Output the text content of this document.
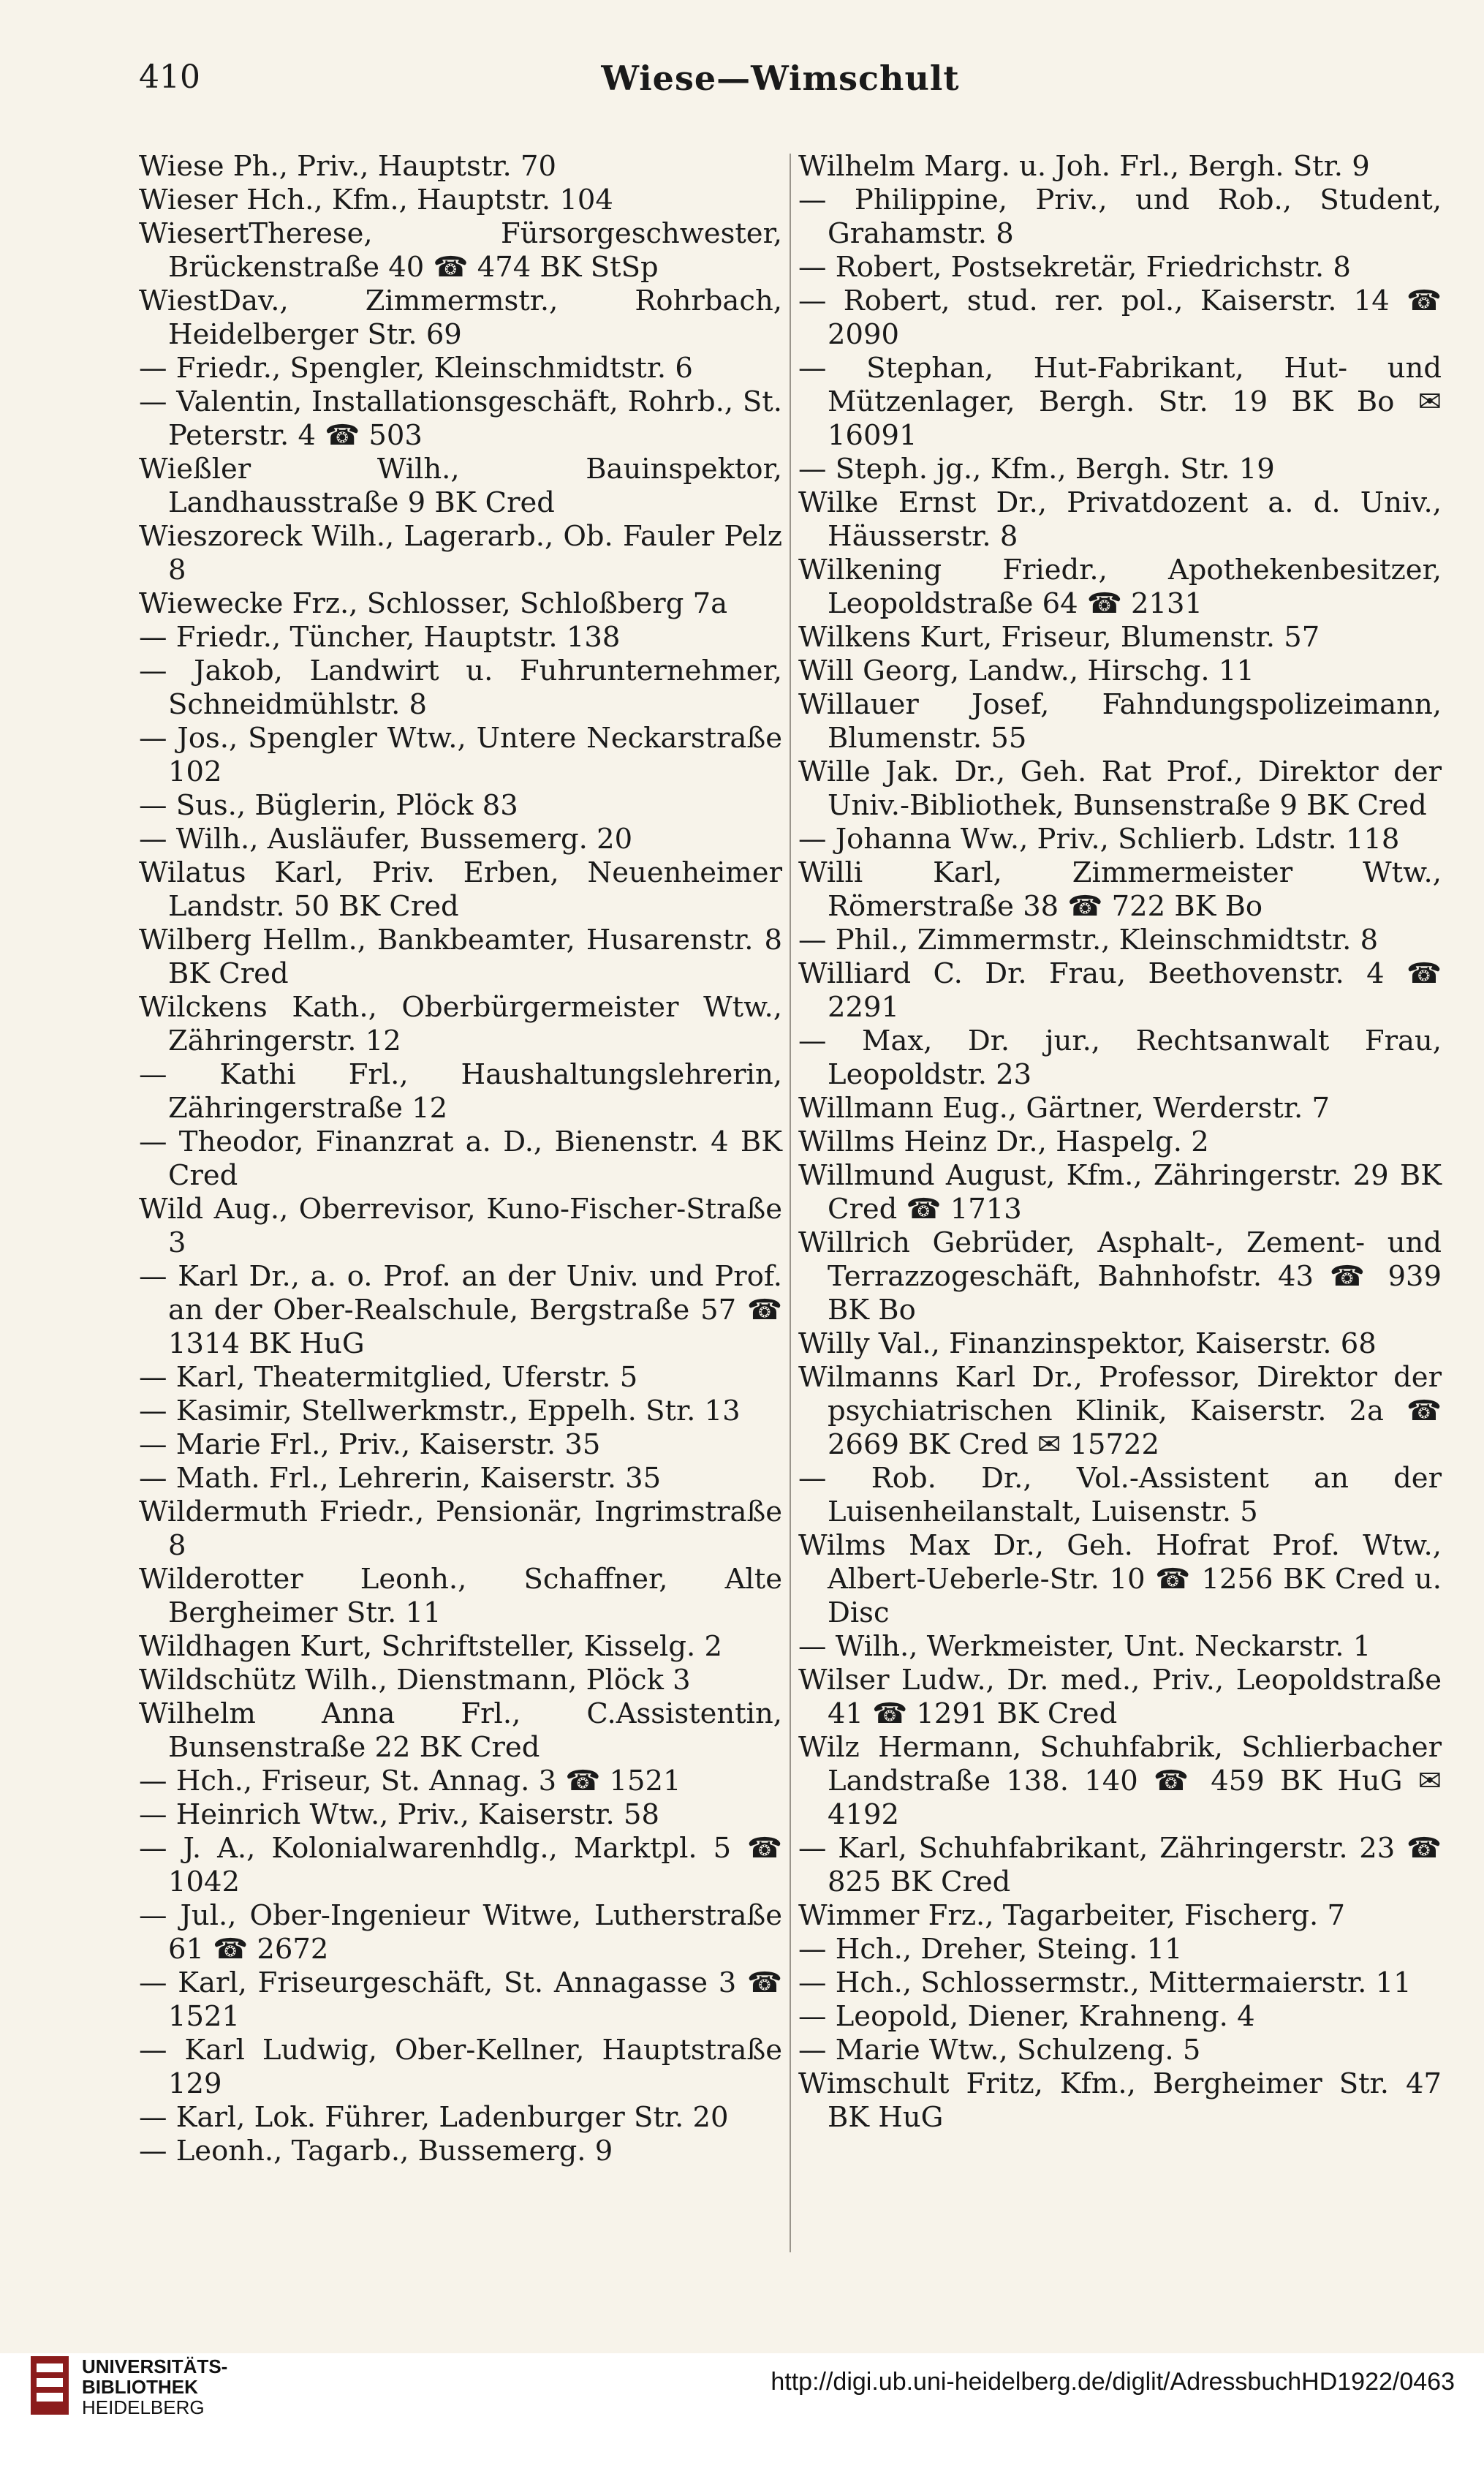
410	Wiese—Wimschult
Wiese Ph., Priv., Hauptstr. 70
Wieser Hch., Kfm., Hauptstr. 104
WiesertTherese, Fürsorgeschwester, Brückenstraße 40 ☎ 474 BK StSp
WiestDav., Zimmermstr., Rohrbach, Heidelberger Str. 69
— Friedr., Spengler, Kleinschmidtstr. 6
— Valentin, Installationsgeschäft, Rohrb., St. Peterstr. 4 ☎ 503
Wießler Wilh., Bauinspektor, Landhausstraße 9 BK Cred
Wieszoreck Wilh., Lagerarb., Ob. Fauler Pelz 8
Wiewecke Frz., Schlosser, Schloßberg 7a
— Friedr., Tüncher, Hauptstr. 138
— Jakob, Landwirt u. Fuhrunternehmer, Schneidmühlstr. 8
— Jos., Spengler Wtw., Untere Neckarstraße 102
— Sus., Büglerin, Plöck 83
— Wilh., Ausläufer, Bussemerg. 20
Wilatus Karl, Priv. Erben, Neuenheimer Landstr. 50 BK Cred
Wilberg Hellm., Bankbeamter, Husarenstr. 8 BK Cred
Wilckens Kath., Oberbürgermeister Wtw., Zähringerstr. 12
— Kathi Frl., Haushaltungslehrerin, Zähringerstraße 12
— Theodor, Finanzrat a. D., Bienenstr. 4 BK Cred
Wild Aug., Oberrevisor, Kuno-Fischer-Straße 3
— Karl Dr., a. o. Prof. an der Univ. und Prof. an der Ober-Realschule, Bergstraße 57 ☎ 1314 BK HuG
— Karl, Theatermitglied, Uferstr. 5
— Kasimir, Stellwerkmstr., Eppelh. Str. 13
— Marie Frl., Priv., Kaiserstr. 35
— Math. Frl., Lehrerin, Kaiserstr. 35
Wildermuth Friedr., Pensionär, Ingrimstraße 8
Wilderotter Leonh., Schaffner, Alte Bergheimer Str. 11
Wildhagen Kurt, Schriftsteller, Kisselg. 2
Wildschütz Wilh., Dienstmann, Plöck 3
Wilhelm Anna Frl., C.Assistentin, Bunsenstraße 22 BK Cred
— Hch., Friseur, St. Annag. 3 ☎ 1521
— Heinrich Wtw., Priv., Kaiserstr. 58
— J. A., Kolonialwarenhdlg., Marktpl. 5 ☎ 1042
— Jul., Ober-Ingenieur Witwe, Lutherstraße 61 ☎ 2672
— Karl, Friseurgeschäft, St. Annagasse 3 ☎ 1521
— Karl Ludwig, Ober-Kellner, Hauptstraße 129
— Karl, Lok. Führer, Ladenburger Str. 20
— Leonh., Tagarb., Bussemerg. 9
Wilhelm Marg. u. Joh. Frl., Bergh. Str. 9
— Philippine, Priv., und Rob., Student, Grahamstr. 8
— Robert, Postsekretär, Friedrichstr. 8
— Robert, stud. rer. pol., Kaiserstr. 14 ☎ 2090
— Stephan, Hut-Fabrikant, Hut- und Mützenlager, Bergh. Str. 19 BK Bo ✉ 16091
— Steph. jg., Kfm., Bergh. Str. 19
Wilke Ernst Dr., Privatdozent a. d. Univ., Häusserstr. 8
Wilkening Friedr., Apothekenbesitzer, Leopoldstraße 64 ☎ 2131
Wilkens Kurt, Friseur, Blumenstr. 57
Will Georg, Landw., Hirschg. 11
Willauer Josef, Fahndungspolizeimann, Blumenstr. 55
Wille Jak. Dr., Geh. Rat Prof., Direktor der Univ.-Bibliothek, Bunsenstraße 9 BK Cred
— Johanna Ww., Priv., Schlierb. Ldstr. 118
Willi Karl, Zimmermeister Wtw., Römerstraße 38 ☎ 722 BK Bo
— Phil., Zimmermstr., Kleinschmidtstr. 8
Williard C. Dr. Frau, Beethovenstr. 4 ☎ 2291
— Max, Dr. jur., Rechtsanwalt Frau, Leopoldstr. 23
Willmann Eug., Gärtner, Werderstr. 7
Willms Heinz Dr., Haspelg. 2
Willmund August, Kfm., Zähringerstr. 29 BK Cred ☎ 1713
Willrich Gebrüder, Asphalt-, Zement- und Terrazzogeschäft, Bahnhofstr. 43 ☎ 939 BK Bo
Willy Val., Finanzinspektor, Kaiserstr. 68
Wilmanns Karl Dr., Professor, Direktor der psychiatrischen Klinik, Kaiserstr. 2a ☎ 2669 BK Cred ✉ 15722
— Rob. Dr., Vol.-Assistent an der Luisenheilanstalt, Luisenstr. 5
Wilms Max Dr., Geh. Hofrat Prof. Wtw., Albert-Ueberle-Str. 10 ☎ 1256 BK Cred u. Disc
— Wilh., Werkmeister, Unt. Neckarstr. 1
Wilser Ludw., Dr. med., Priv., Leopoldstraße 41 ☎ 1291 BK Cred
Wilz Hermann, Schuhfabrik, Schlierbacher Landstraße 138. 140 ☎ 459 BK HuG ✉ 4192
— Karl, Schuhfabrikant, Zähringerstr. 23 ☎ 825 BK Cred
Wimmer Frz., Tagarbeiter, Fischerg. 7
— Hch., Dreher, Steing. 11
— Hch., Schlossermstr., Mittermaierstr. 11
— Leopold, Diener, Krahneng. 4
— Marie Wtw., Schulzeng. 5
Wimschult Fritz, Kfm., Bergheimer Str. 47 BK HuG
UNIVERSITÄTS-
BIBLIOTHEK
HEIDELBERG
http://digi.ub.uni-heidelberg.de/diglit/AdressbuchHD1922/0463
